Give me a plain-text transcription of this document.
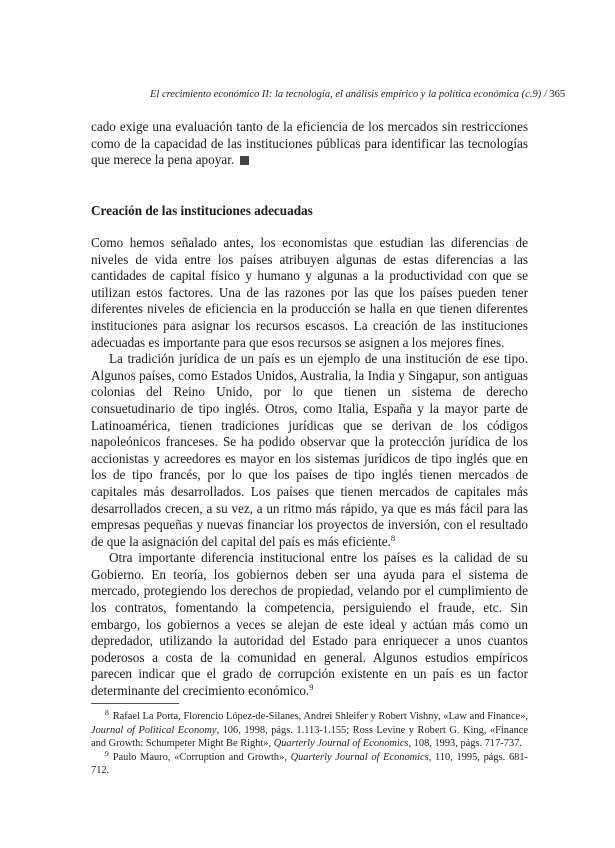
El crecimiento económico II: la tecnología, el análisis empírico y la política económica (c.9) / 365

cado exige una evaluación tanto de la eficiencia de los mercados sin restricciones como de la capacidad de las instituciones públicas para identificar las tecnologías que merece la pena apoyar.

Creación de las instituciones adecuadas

Como hemos señalado antes, los economistas que estudian las diferencias de niveles de vida entre los países atribuyen algunas de estas diferencias a las cantidades de capital físico y humano y algunas a la productividad con que se utilizan estos factores. Una de las razones por las que los países pueden tener diferentes niveles de eficiencia en la producción se halla en que tienen diferentes instituciones para asignar los recursos escasos. La creación de las instituciones adecuadas es importante para que esos recursos se asignen a los mejores fines.

La tradición jurídica de un país es un ejemplo de una institución de ese tipo. Algunos países, como Estados Unidos, Australia, la India y Singapur, son antiguas colonias del Reino Unido, por lo que tienen un sistema de derecho consuetudinario de tipo inglés. Otros, como Italia, España y la mayor parte de Latinoamérica, tienen tradiciones jurídicas que se derivan de los códigos napoleónicos franceses. Se ha podido observar que la protección jurídica de los accionistas y acreedores es mayor en los sistemas jurídicos de tipo inglés que en los de tipo francés, por lo que los países de tipo inglés tienen mercados de capitales más desarrollados. Los países que tienen mercados de capitales más desarrollados crecen, a su vez, a un ritmo más rápido, ya que es más fácil para las empresas pequeñas y nuevas financiar los proyectos de inversión, con el resultado de que la asignación del capital del país es más eficiente.$^8$

Otra importante diferencia institucional entre los países es la calidad de su Gobierno. En teoría, los gobiernos deben ser una ayuda para el sistema de mercado, protegiendo los derechos de propiedad, velando por el cumplimiento de los contratos, fomentando la competencia, persiguiendo el fraude, etc. Sin embargo, los gobiernos a veces se alejan de este ideal y actúan más como un depredador, utilizando la autoridad del Estado para enriquecer a unos cuantos poderosos a costa de la comunidad en general. Algunos estudios empíricos parecen indicar que el grado de corrupción existente en un país es un factor determinante del crecimiento económico.$^9$

$^8$ Rafael La Porta, Florencio López-de-Silanes, Andrei Shleifer y Robert Vishny, «Law and Finance», Journal of Political Economy, 106, 1998, págs. 1.113-1.155; Ross Levine y Robert G. King, «Finance and Growth: Schumpeter Might Be Right», Quarterly Journal of Economics, 108, 1993, págs. 717-737.

$^9$ Paulo Mauro, «Corruption and Growth», Quarterly Journal of Economics, 110, 1995, págs. 681-712.
